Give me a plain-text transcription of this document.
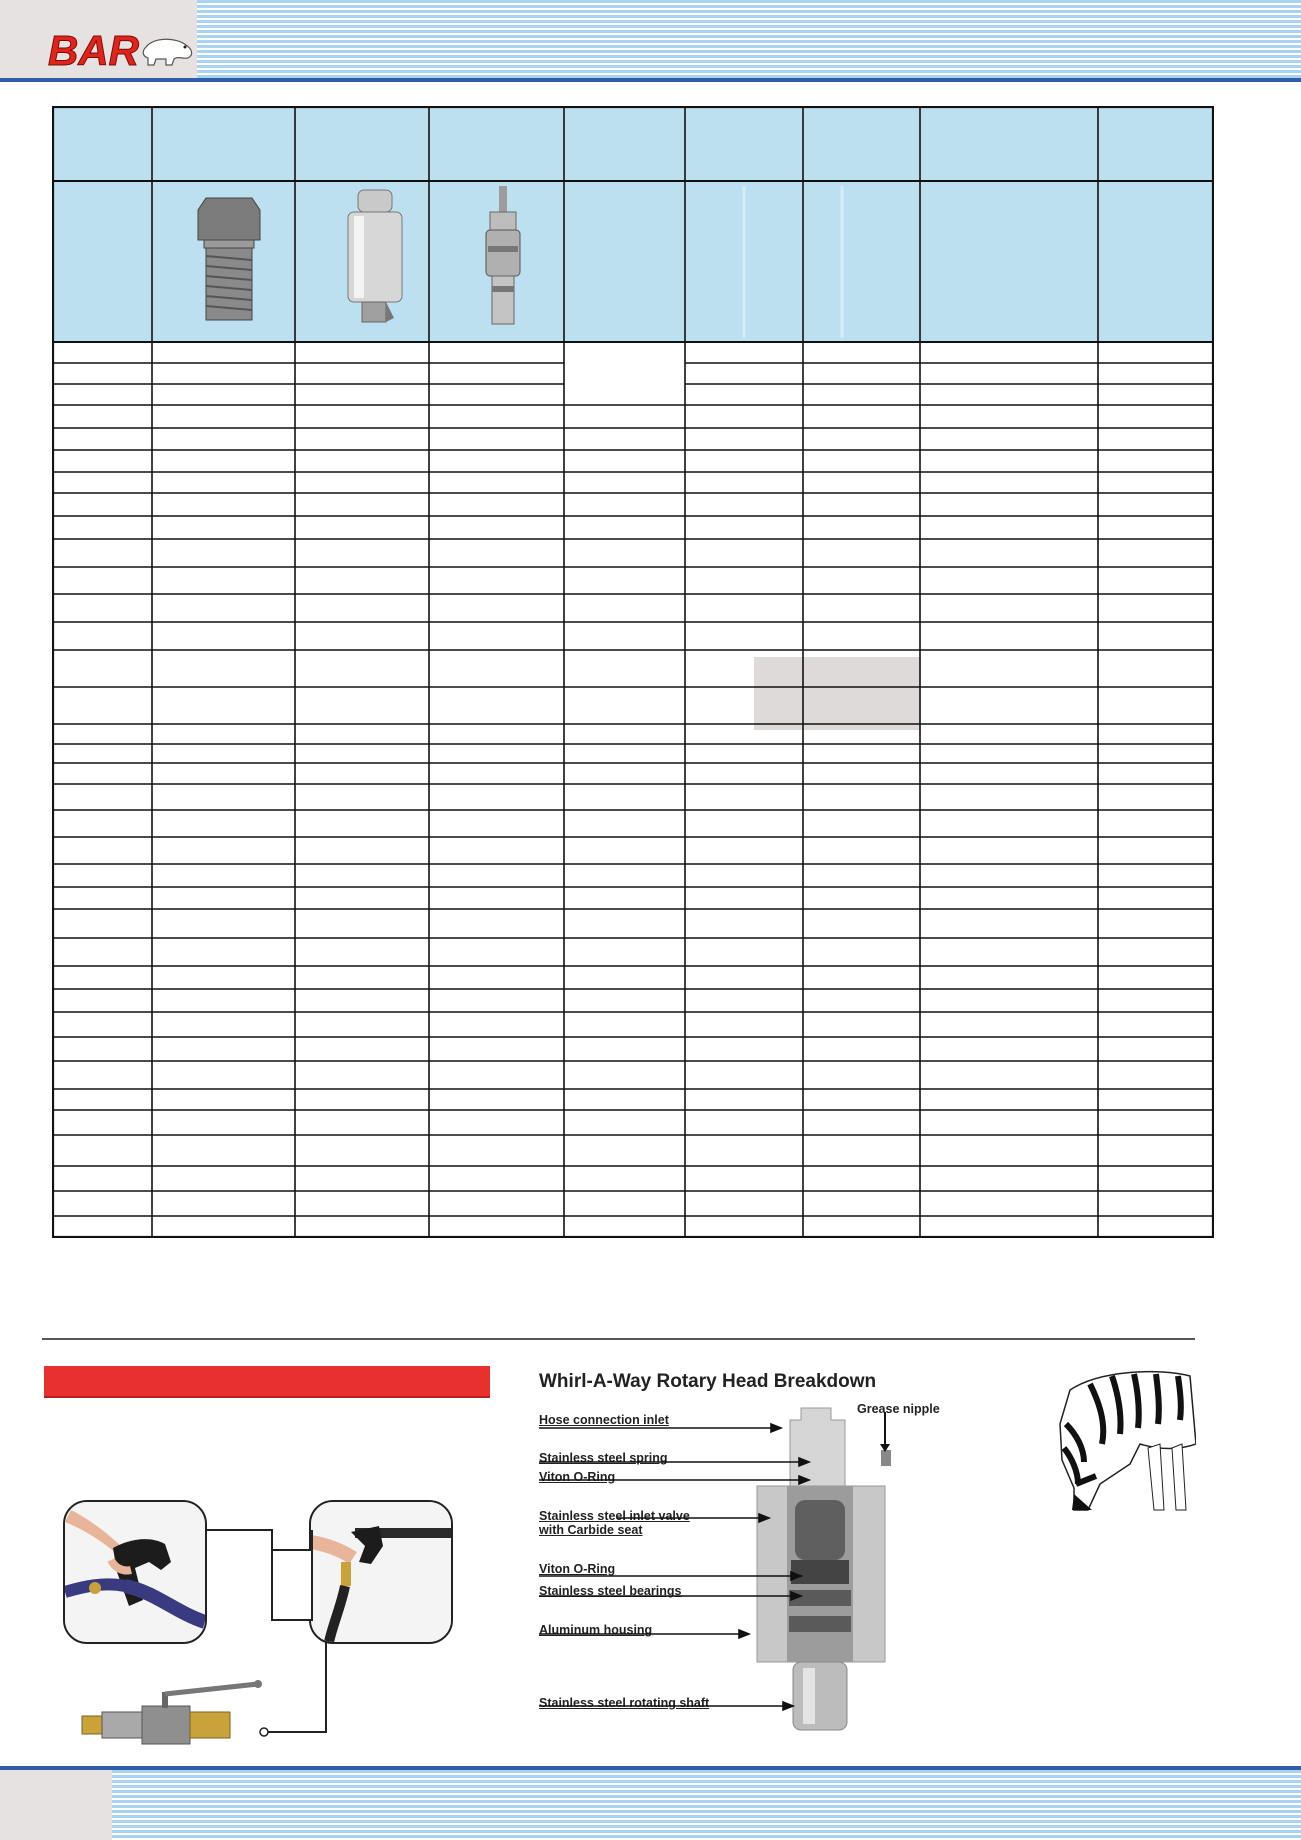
BAR
Whirl-A-Way Rotary Head Breakdown
Grease nipple
Hose connection inlet
Stainless steel spring
Viton O-Ring
Stainless steel inlet valve
with Carbide seat
Viton O-Ring
Stainless steel bearings
Aluminum housing
Stainless steel rotating shaft
